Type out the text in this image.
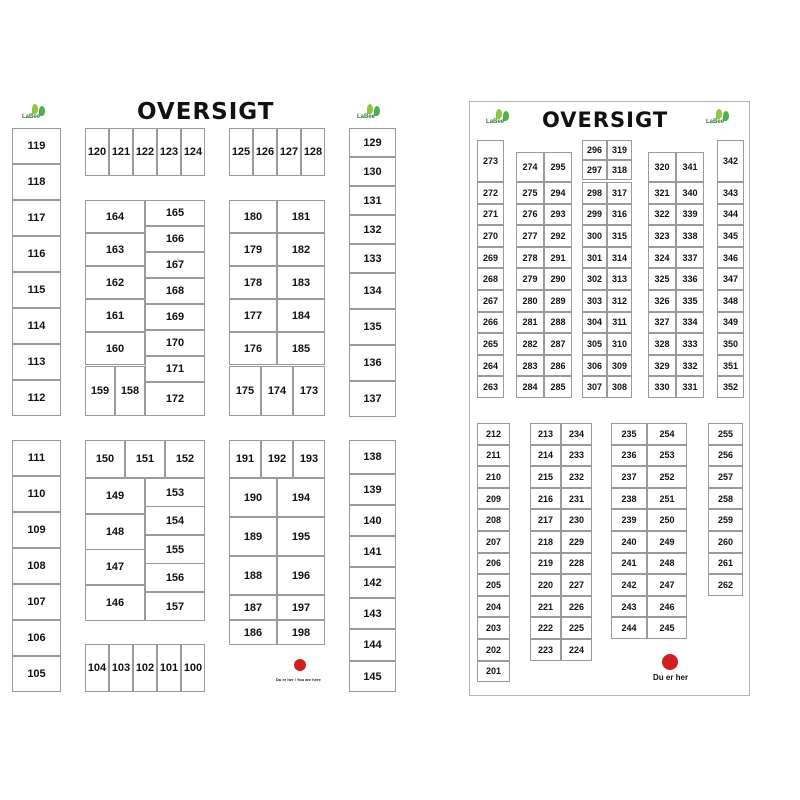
OVERSIGT
LaBee	LaBee
Du er her / You are here
100
101
102
103
104
105
106
107
108
109
110
111
112
113
114
115
116
117
118
119	120 121 122 123 124	125 126 127 128
129
130
131
132
133
134
135
136
137
138
139
140
141
142
143
144
145
146
147
148
149
150	151	152
153
154
155
156
157
158
159
160
161
162
163
164	165
166
167
168
169
170
171
172
173
174
175
176
177
178
179
180	181
182
183
184
185
186
187
188
189
190
191	192	193
194
195
196
197
198
OVERSIGT
LaBee	LaBee
Du er her
201
202
203
204
205
206
207
208
209
210
211
212	213
214
215
216
217
218
219
220
221
222
223	224
225
226
227
228
229
230
231
232
233
234	235
236
237
238
239
240
241
242
243
244	245
246
247
248
249
250
251
252
253
254	255
256
257
258
259
260
261
262
263
264
265
266
267
268
269
270
271
272
273
274
275
276
277
278
279
280
281
282
283
284	285
286
287
288
289
290
291
292
293
294
295
296
297
298
299
300
301
302
303
304
305
306
307	308
309
310
311
312
313
314
315
316
317
318
319
320
321
322
323
324
325
326
327
328
329
330	331
332
333
334
335
336
337
338
339
340
341
342
343
344
345
346
347
348
349
350
351
352
